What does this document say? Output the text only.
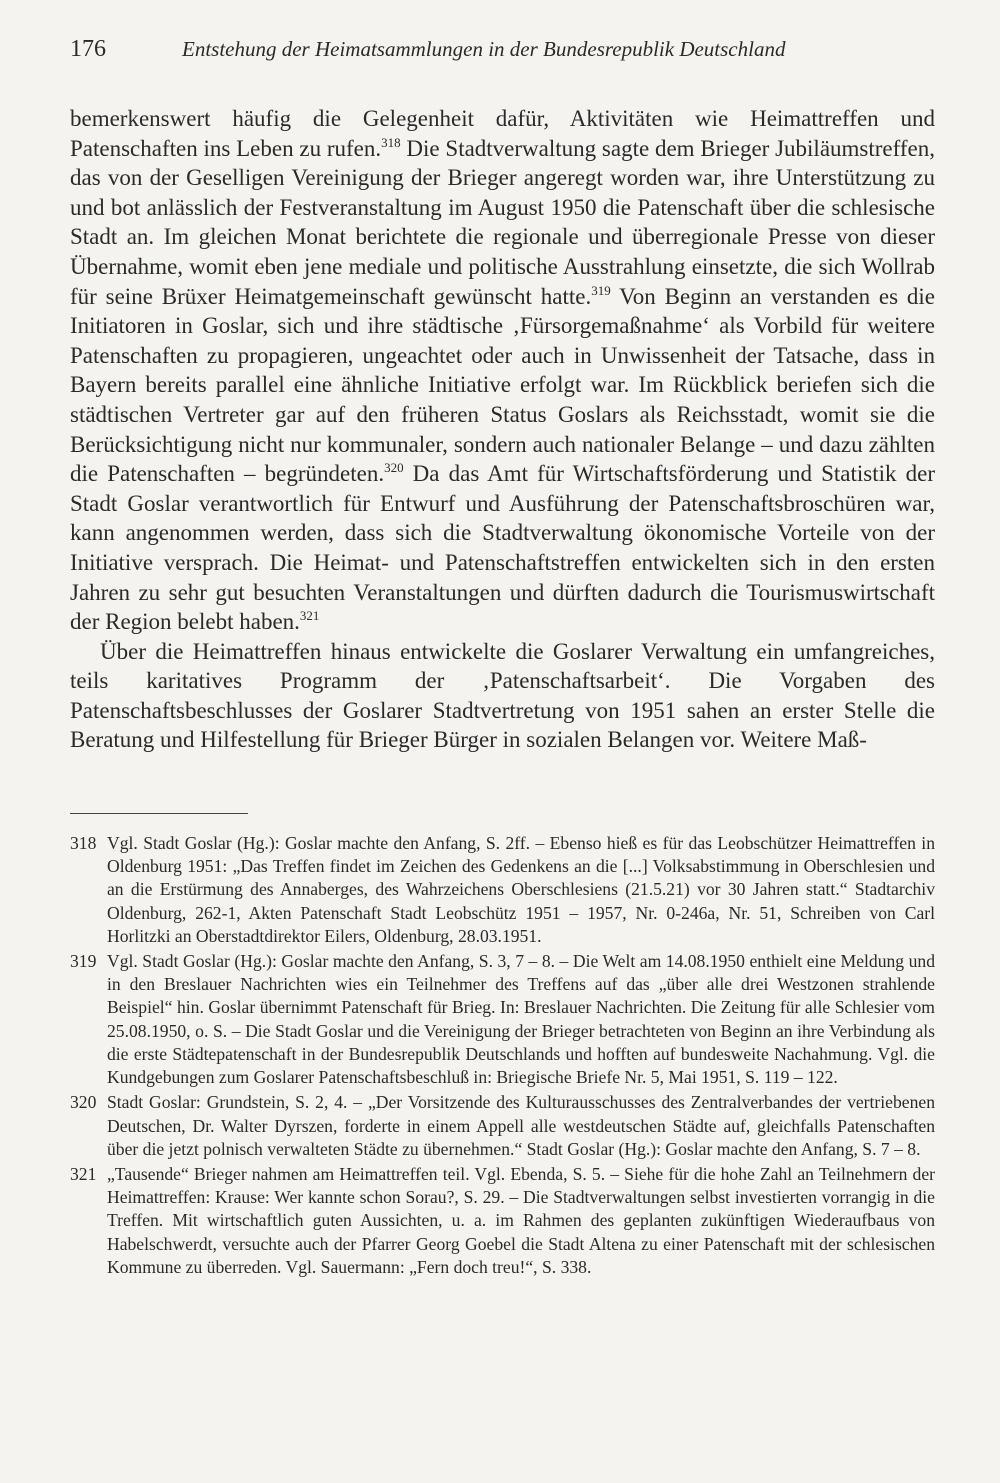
176	Entstehung der Heimatsammlungen in der Bundesrepublik Deutschland

bemerkenswert häufig die Gelegenheit dafür, Aktivitäten wie Heimattreffen und Patenschaften ins Leben zu rufen.$^{318}$ Die Stadtverwaltung sagte dem Brieger Jubiläumstreffen, das von der Geselligen Vereinigung der Brieger angeregt worden war, ihre Unterstützung zu und bot anlässlich der Festveranstaltung im August 1950 die Patenschaft über die schlesische Stadt an. Im gleichen Monat berichtete die regionale und überregionale Presse von dieser Übernahme, womit eben jene mediale und politische Ausstrahlung einsetzte, die sich Wollrab für seine Brüxer Heimatgemeinschaft gewünscht hatte.$^{319}$ Von Beginn an verstanden es die Initiatoren in Goslar, sich und ihre städtische ‚Fürsorgemaßnahme‘ als Vorbild für weitere Patenschaften zu propagieren, ungeachtet oder auch in Unwissenheit der Tatsache, dass in Bayern bereits parallel eine ähnliche Initiative erfolgt war. Im Rückblick beriefen sich die städtischen Vertreter gar auf den früheren Status Goslars als Reichsstadt, womit sie die Berücksichtigung nicht nur kommunaler, sondern auch nationaler Belange – und dazu zählten die Patenschaften – begründeten.$^{320}$ Da das Amt für Wirtschaftsförderung und Statistik der Stadt Goslar verantwortlich für Entwurf und Ausführung der Patenschaftsbroschüren war, kann angenommen werden, dass sich die Stadtverwaltung ökonomische Vorteile von der Initiative versprach. Die Heimat- und Patenschaftstreffen entwickelten sich in den ersten Jahren zu sehr gut besuchten Veranstaltungen und dürften dadurch die Tourismuswirtschaft der Region belebt haben.$^{321}$

Über die Heimattreffen hinaus entwickelte die Goslarer Verwaltung ein umfangreiches, teils karitatives Programm der ‚Patenschaftsarbeit‘. Die Vorgaben des Patenschaftsbeschlusses der Goslarer Stadtvertretung von 1951 sahen an erster Stelle die Beratung und Hilfestellung für Brieger Bürger in sozialen Belangen vor. Weitere Maß-

318 Vgl. Stadt Goslar (Hg.): Goslar machte den Anfang, S. 2ff. – Ebenso hieß es für das Leobschützer Heimattreffen in Oldenburg 1951: „Das Treffen findet im Zeichen des Gedenkens an die [...] Volksabstimmung in Oberschlesien und an die Erstürmung des Annaberges, des Wahrzeichens Oberschlesiens (21.5.21) vor 30 Jahren statt.“ Stadtarchiv Oldenburg, 262-1, Akten Patenschaft Stadt Leobschütz 1951 – 1957, Nr. 0-246a, Nr. 51, Schreiben von Carl Horlitzki an Oberstadtdirektor Eilers, Oldenburg, 28.03.1951.
319 Vgl. Stadt Goslar (Hg.): Goslar machte den Anfang, S. 3, 7 – 8. – Die Welt am 14.08.1950 enthielt eine Meldung und in den Breslauer Nachrichten wies ein Teilnehmer des Treffens auf das „über alle drei Westzonen strahlende Beispiel“ hin. Goslar übernimmt Patenschaft für Brieg. In: Breslauer Nachrichten. Die Zeitung für alle Schlesier vom 25.08.1950, o. S. – Die Stadt Goslar und die Vereinigung der Brieger betrachteten von Beginn an ihre Verbindung als die erste Städtepatenschaft in der Bundesrepublik Deutschlands und hofften auf bundesweite Nachahmung. Vgl. die Kundgebungen zum Goslarer Patenschaftsbeschluß in: Briegische Briefe Nr. 5, Mai 1951, S. 119 – 122.
320 Stadt Goslar: Grundstein, S. 2, 4. – „Der Vorsitzende des Kulturausschusses des Zentralverbandes der vertriebenen Deutschen, Dr. Walter Dyrszen, forderte in einem Appell alle westdeutschen Städte auf, gleichfalls Patenschaften über die jetzt polnisch verwalteten Städte zu übernehmen.“ Stadt Goslar (Hg.): Goslar machte den Anfang, S. 7 – 8.
321 „Tausende“ Brieger nahmen am Heimattreffen teil. Vgl. Ebenda, S. 5. – Siehe für die hohe Zahl an Teilnehmern der Heimattreffen: Krause: Wer kannte schon Sorau?, S. 29. – Die Stadtverwaltungen selbst investierten vorrangig in die Treffen. Mit wirtschaftlich guten Aussichten, u. a. im Rahmen des geplanten zukünftigen Wiederaufbaus von Habelschwerdt, versuchte auch der Pfarrer Georg Goebel die Stadt Altena zu einer Patenschaft mit der schlesischen Kommune zu überreden. Vgl. Sauermann: „Fern doch treu!“, S. 338.
